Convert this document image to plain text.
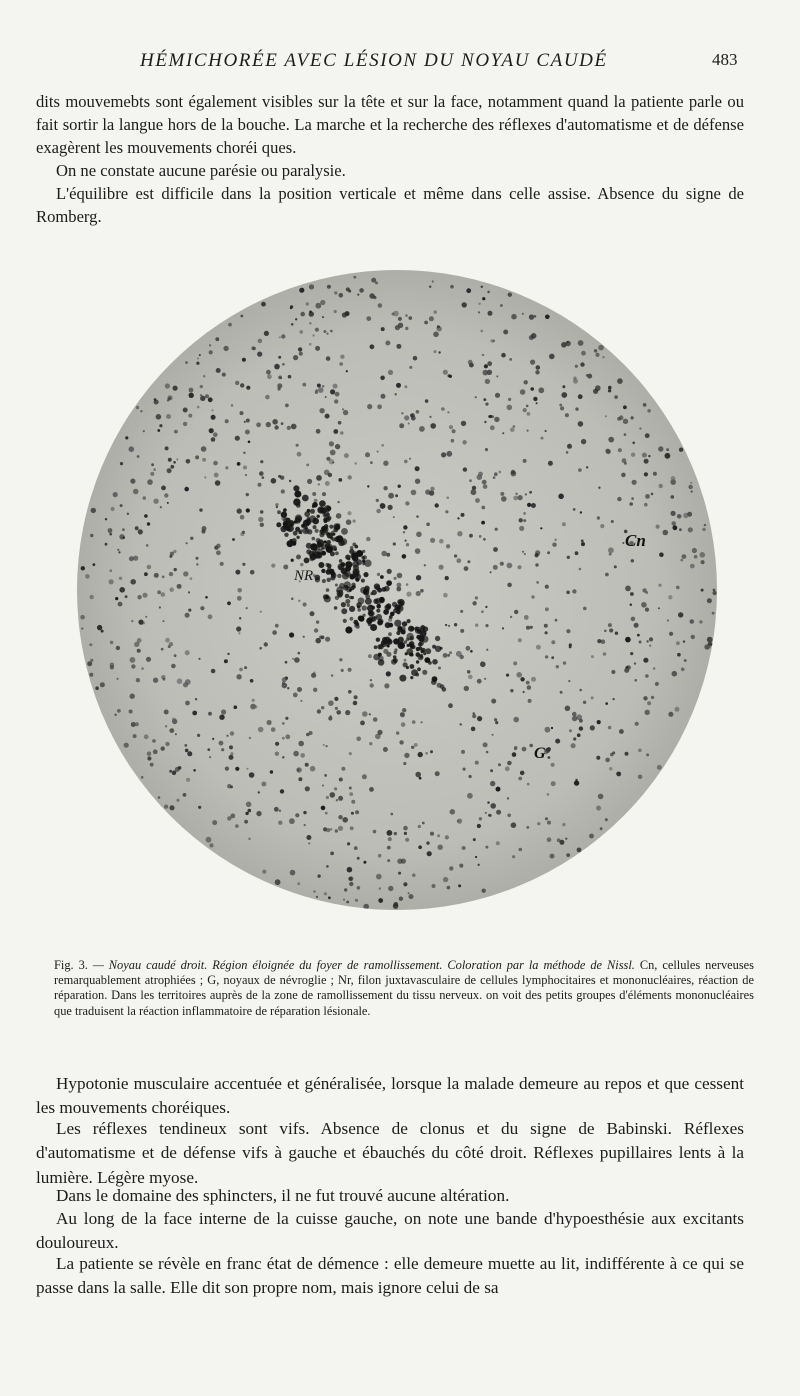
HÉMICHORÉE AVEC LÉSION DU NOYAU CAUDÉ	483

dits mouvemebts sont également visibles sur la tête et sur la face, notamment quand la patiente parle ou fait sortir la langue hors de la bouche. La marche et la recherche des réflexes d'automatisme et de défense exagèrent les mouvements choréi ques.

On ne constate aucune parésie ou paralysie.

L'équilibre est difficile dans la position verticale et même dans celle assise. Absence du signe de Romberg.

NR
Cn
G

Fig. 3. — Noyau caudé droit. Région éloignée du foyer de ramollissement. Coloration par la méthode de Nissl. Cn, cellules nerveuses remarquablement atrophiées ; G, noyaux de névroglie ; Nr, filon juxtavasculaire de cellules lymphocitaires et mononucléaires, réaction de réparation. Dans les territoires auprès de la zone de ramollissement du tissu nerveux. on voit des petits groupes d'éléments mononucléaires que traduisent la réaction inflammatoire de réparation lésionale.

Hypotonie musculaire accentuée et généralisée, lorsque la malade demeure au repos et que cessent les mouvements choréiques.

Les réflexes tendineux sont vifs. Absence de clonus et du signe de Babinski. Réflexes d'automatisme et de défense vifs à gauche et ébauchés du côté droit. Réflexes pupillaires lents à la lumière. Légère myose.

Dans le domaine des sphincters, il ne fut trouvé aucune altération.

Au long de la face interne de la cuisse gauche, on note une bande d'hypoesthésie aux excitants douloureux.

La patiente se révèle en franc état de démence : elle demeure muette au lit, indifférente à ce qui se passe dans la salle. Elle dit son propre nom, mais ignore celui de sa
